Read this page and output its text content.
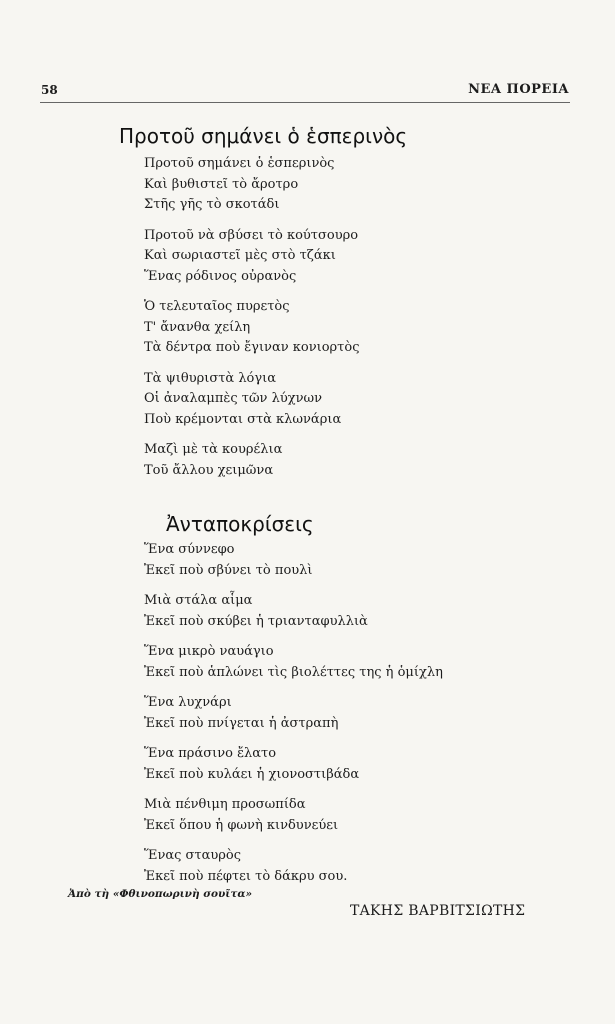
58	ΝΕΑ ΠΟΡΕΙΑ
Προτοῦ σημάνει ὁ ἑσπερινὸς
Προτοῦ σημάνει ὁ ἑσπερινὸς
Καὶ βυθιστεῖ τὸ ἄροτρο
Στῆς γῆς τὸ σκοτάδι
Προτοῦ νὰ σβύσει τὸ κούτσουρο
Καὶ σωριαστεῖ μὲς στὸ τζάκι
Ἕνας ρόδινος οὐρανὸς
Ὁ τελευταῖος πυρετὸς
Τ' ἄνανθα χείλη
Τὰ δέντρα ποὺ ἔγιναν κονιορτὸς
Τὰ ψιθυριστὰ λόγια
Οἱ ἀναλαμπὲς τῶν λύχνων
Ποὺ κρέμονται στὰ κλωνάρια
Μαζὶ μὲ τὰ κουρέλια
Τοῦ ἄλλου χειμῶνα
Ἀνταποκρίσεις
Ἕνα σύννεφο
Ἐκεῖ ποὺ σβύνει τὸ πουλὶ
Μιὰ στάλα αἷμα
Ἐκεῖ ποὺ σκύβει ἡ τριανταφυλλιὰ
Ἕνα μικρὸ ναυάγιο
Ἐκεῖ ποὺ ἁπλώνει τὶς βιολέττες της ἡ ὁμίχλη
Ἕνα λυχνάρι
Ἐκεῖ ποὺ πνίγεται ἡ ἀστραπὴ
Ἕνα πράσινο ἔλατο
Ἐκεῖ ποὺ κυλάει ἡ χιονοστιβάδα
Μιὰ πένθιμη προσωπίδα
Ἐκεῖ ὅπου ἡ φωνὴ κινδυνεύει
Ἕνας σταυρὸς
Ἐκεῖ ποὺ πέφτει τὸ δάκρυ σου.
Ἀπὸ τὴ «Φθινοπωρινὴ σουῖτα»
ΤΑΚΗΣ ΒΑΡΒΙΤΣΙΩΤΗΣ
